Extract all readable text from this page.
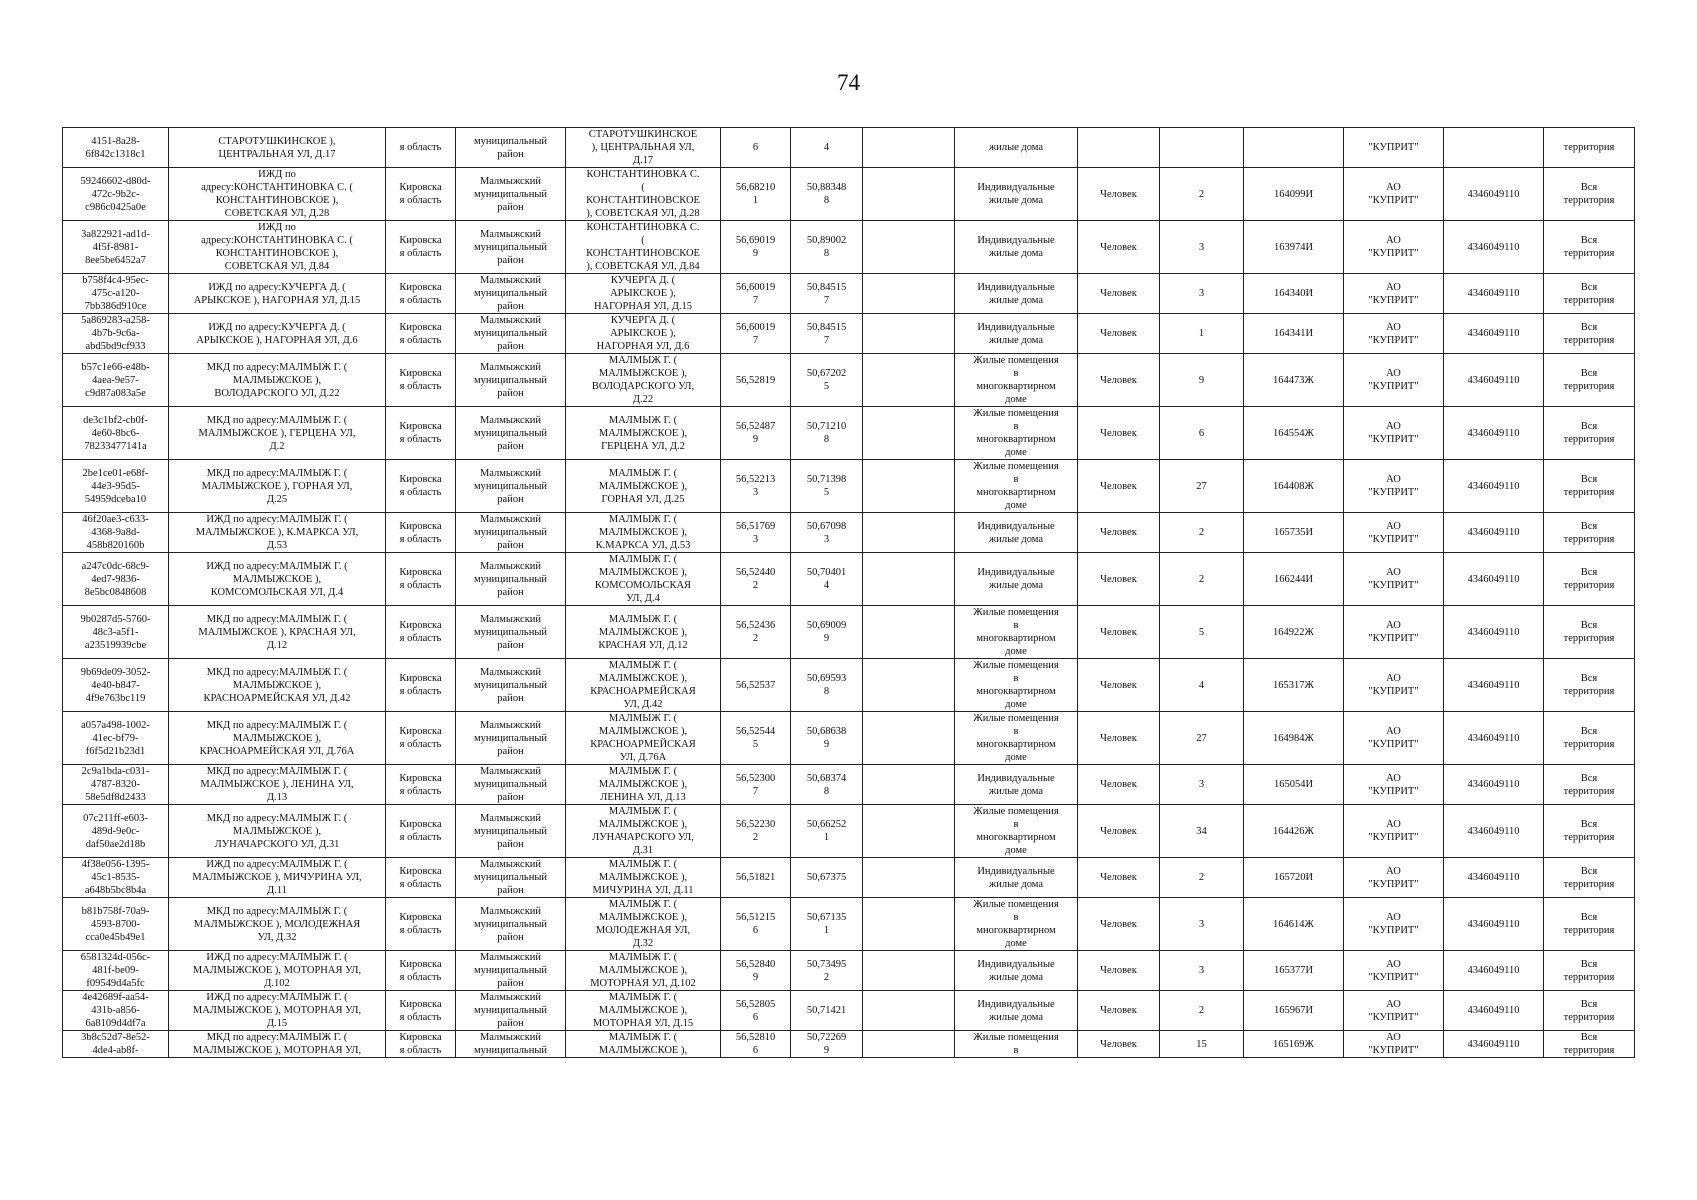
74
4151-8a28-
6f842c1318c1	СТАРОТУШКИНСКОЕ ),
ЦЕНТРАЛЬНАЯ УЛ, Д.17	я область	муниципальный
район	СТАРОТУШКИНСКОЕ
), ЦЕНТРАЛЬНАЯ УЛ,
Д.17	6	4		жилые дома				"КУПРИТ"		территория
59246602-d80d-
472c-9b2c-
c986c0425a0e	ИЖД по
адресу:КОНСТАНТИНОВКА С. (
КОНСТАНТИНОВСКОЕ ),
СОВЕТСКАЯ УЛ, Д.28	Кировска
я область	Малмыжский
муниципальный
район	КОНСТАНТИНОВКА С.
(
КОНСТАНТИНОВСКОЕ
), СОВЕТСКАЯ УЛ, Д.28	56,68210
1	50,88348
8		Индивидуальные
жилые дома	Человек	2	164099И	АО
"КУПРИТ"	4346049110	Вся
территория
3a822921-ad1d-
4f5f-8981-
8ee5be6452a7	ИЖД по
адресу:КОНСТАНТИНОВКА С. (
КОНСТАНТИНОВСКОЕ ),
СОВЕТСКАЯ УЛ, Д.84	Кировска
я область	Малмыжский
муниципальный
район	КОНСТАНТИНОВКА С.
(
КОНСТАНТИНОВСКОЕ
), СОВЕТСКАЯ УЛ, Д.84	56,69019
9	50,89002
8		Индивидуальные
жилые дома	Человек	3	163974И	АО
"КУПРИТ"	4346049110	Вся
территория
b758f4c4-95ec-
475c-a120-
7bb386d910ce	ИЖД по адресу:КУЧЕРГА Д. (
АРЫКСКОЕ ), НАГОРНАЯ УЛ, Д.15	Кировска
я область	Малмыжский
муниципальный
район	КУЧЕРГА Д. (
АРЫКСКОЕ ),
НАГОРНАЯ УЛ, Д.15	56,60019
7	50,84515
7		Индивидуальные
жилые дома	Человек	3	164340И	АО
"КУПРИТ"	4346049110	Вся
территория
5a869283-a258-
4b7b-9c6a-
abd5bd9cf933	ИЖД по адресу:КУЧЕРГА Д. (
АРЫКСКОЕ ), НАГОРНАЯ УЛ, Д.6	Кировска
я область	Малмыжский
муниципальный
район	КУЧЕРГА Д. (
АРЫКСКОЕ ),
НАГОРНАЯ УЛ, Д.6	56,60019
7	50,84515
7		Индивидуальные
жилые дома	Человек	1	164341И	АО
"КУПРИТ"	4346049110	Вся
территория
b57c1e66-e48b-
4aea-9e57-
c9d87a083a5e	МКД по адресу:МАЛМЫЖ Г. (
МАЛМЫЖСКОЕ ),
ВОЛОДАРСКОГО УЛ, Д.22	Кировска
я область	Малмыжский
муниципальный
район	МАЛМЫЖ Г. (
МАЛМЫЖСКОЕ ),
ВОЛОДАРСКОГО УЛ,
Д.22	56,52819	50,67202
5		Жилые помещения
в
многоквартирном
доме	Человек	9	164473Ж	АО
"КУПРИТ"	4346049110	Вся
территория
de3c1bf2-cb0f-
4e60-8bc6-
78233477141a	МКД по адресу:МАЛМЫЖ Г. (
МАЛМЫЖСКОЕ ), ГЕРЦЕНА УЛ,
Д.2	Кировска
я область	Малмыжский
муниципальный
район	МАЛМЫЖ Г. (
МАЛМЫЖСКОЕ ),
ГЕРЦЕНА УЛ, Д.2	56,52487
9	50,71210
8		Жилые помещения
в
многоквартирном
доме	Человек	6	164554Ж	АО
"КУПРИТ"	4346049110	Вся
территория
2be1ce01-e68f-
44e3-95d5-
54959dceba10	МКД по адресу:МАЛМЫЖ Г. (
МАЛМЫЖСКОЕ ), ГОРНАЯ УЛ,
Д.25	Кировска
я область	Малмыжский
муниципальный
район	МАЛМЫЖ Г. (
МАЛМЫЖСКОЕ ),
ГОРНАЯ УЛ, Д.25	56,52213
3	50,71398
5		Жилые помещения
в
многоквартирном
доме	Человек	27	164408Ж	АО
"КУПРИТ"	4346049110	Вся
территория
46f20ae3-c633-
4368-9a8d-
458b820160b	ИЖД по адресу:МАЛМЫЖ Г. (
МАЛМЫЖСКОЕ ), К.МАРКСА УЛ,
Д.53	Кировска
я область	Малмыжский
муниципальный
район	МАЛМЫЖ Г. (
МАЛМЫЖСКОЕ ),
К.МАРКСА УЛ, Д.53	56,51769
3	50,67098
3		Индивидуальные
жилые дома	Человек	2	165735И	АО
"КУПРИТ"	4346049110	Вся
территория
a247c0dc-68c9-
4ed7-9836-
8e5bc0848608	ИЖД по адресу:МАЛМЫЖ Г. (
МАЛМЫЖСКОЕ ),
КОМСОМОЛЬСКАЯ УЛ, Д.4	Кировска
я область	Малмыжский
муниципальный
район	МАЛМЫЖ Г. (
МАЛМЫЖСКОЕ ),
КОМСОМОЛЬСКАЯ
УЛ, Д.4	56,52440
2	50,70401
4		Индивидуальные
жилые дома	Человек	2	166244И	АО
"КУПРИТ"	4346049110	Вся
территория
9b0287d5-5760-
48c3-a5f1-
a23519939cbe	МКД по адресу:МАЛМЫЖ Г. (
МАЛМЫЖСКОЕ ), КРАСНАЯ УЛ,
Д.12	Кировска
я область	Малмыжский
муниципальный
район	МАЛМЫЖ Г. (
МАЛМЫЖСКОЕ ),
КРАСНАЯ УЛ, Д.12	56,52436
2	50,69009
9		Жилые помещения
в
многоквартирном
доме	Человек	5	164922Ж	АО
"КУПРИТ"	4346049110	Вся
территория
9b69de09-3052-
4e40-b847-
4f9e763bc119	МКД по адресу:МАЛМЫЖ Г. (
МАЛМЫЖСКОЕ ),
КРАСНОАРМЕЙСКАЯ УЛ, Д.42	Кировска
я область	Малмыжский
муниципальный
район	МАЛМЫЖ Г. (
МАЛМЫЖСКОЕ ),
КРАСНОАРМЕЙСКАЯ
УЛ, Д.42	56,52537	50,69593
8		Жилые помещения
в
многоквартирном
доме	Человек	4	165317Ж	АО
"КУПРИТ"	4346049110	Вся
территория
a057a498-1002-
41ec-bf79-
f6f5d21b23d1	МКД по адресу:МАЛМЫЖ Г. (
МАЛМЫЖСКОЕ ),
КРАСНОАРМЕЙСКАЯ УЛ, Д.76А	Кировска
я область	Малмыжский
муниципальный
район	МАЛМЫЖ Г. (
МАЛМЫЖСКОЕ ),
КРАСНОАРМЕЙСКАЯ
УЛ, Д.76А	56,52544
5	50,68638
9		Жилые помещения
в
многоквартирном
доме	Человек	27	164984Ж	АО
"КУПРИТ"	4346049110	Вся
территория
2c9a1bda-c031-
4787-8320-
58e5df8d2433	МКД по адресу:МАЛМЫЖ Г. (
МАЛМЫЖСКОЕ ), ЛЕНИНА УЛ,
Д.13	Кировска
я область	Малмыжский
муниципальный
район	МАЛМЫЖ Г. (
МАЛМЫЖСКОЕ ),
ЛЕНИНА УЛ, Д.13	56,52300
7	50,68374
8		Индивидуальные
жилые дома	Человек	3	165054И	АО
"КУПРИТ"	4346049110	Вся
территория
07c211ff-e603-
489d-9e0c-
daf50ae2d18b	МКД по адресу:МАЛМЫЖ Г. (
МАЛМЫЖСКОЕ ),
ЛУНАЧАРСКОГО УЛ, Д.31	Кировска
я область	Малмыжский
муниципальный
район	МАЛМЫЖ Г. (
МАЛМЫЖСКОЕ ),
ЛУНАЧАРСКОГО УЛ,
Д.31	56,52230
2	50,66252
1		Жилые помещения
в
многоквартирном
доме	Человек	34	164426Ж	АО
"КУПРИТ"	4346049110	Вся
территория
4f38e056-1395-
45c1-8535-
a648b5bc8b4a	ИЖД по адресу:МАЛМЫЖ Г. (
МАЛМЫЖСКОЕ ), МИЧУРИНА УЛ,
Д.11	Кировска
я область	Малмыжский
муниципальный
район	МАЛМЫЖ Г. (
МАЛМЫЖСКОЕ ),
МИЧУРИНА УЛ, Д.11	56,51821	50,67375		Индивидуальные
жилые дома	Человек	2	165720И	АО
"КУПРИТ"	4346049110	Вся
территория
b81b758f-70a9-
4593-8700-
cca0e45b49e1	МКД по адресу:МАЛМЫЖ Г. (
МАЛМЫЖСКОЕ ), МОЛОДЕЖНАЯ
УЛ, Д.32	Кировска
я область	Малмыжский
муниципальный
район	МАЛМЫЖ Г. (
МАЛМЫЖСКОЕ ),
МОЛОДЕЖНАЯ УЛ,
Д.32	56,51215
6	50,67135
1		Жилые помещения
в
многоквартирном
доме	Человек	3	164614Ж	АО
"КУПРИТ"	4346049110	Вся
территория
6581324d-056c-
481f-be09-
f09549d4a5fc	ИЖД по адресу:МАЛМЫЖ Г. (
МАЛМЫЖСКОЕ ), МОТОРНАЯ УЛ,
Д.102	Кировска
я область	Малмыжский
муниципальный
район	МАЛМЫЖ Г. (
МАЛМЫЖСКОЕ ),
МОТОРНАЯ УЛ, Д.102	56,52840
9	50,73495
2		Индивидуальные
жилые дома	Человек	3	165377И	АО
"КУПРИТ"	4346049110	Вся
территория
4e42689f-aa54-
431b-a856-
6a8109d4df7a	ИЖД по адресу:МАЛМЫЖ Г. (
МАЛМЫЖСКОЕ ), МОТОРНАЯ УЛ,
Д.15	Кировска
я область	Малмыжский
муниципальный
район	МАЛМЫЖ Г. (
МАЛМЫЖСКОЕ ),
МОТОРНАЯ УЛ, Д.15	56,52805
6	50,71421		Индивидуальные
жилые дома	Человек	2	165967И	АО
"КУПРИТ"	4346049110	Вся
территория
3b8c52d7-8e52-
4de4-ab8f-	МКД по адресу:МАЛМЫЖ Г. (
МАЛМЫЖСКОЕ ), МОТОРНАЯ УЛ,	Кировска
я область	Малмыжский
муниципальный	МАЛМЫЖ Г. (
МАЛМЫЖСКОЕ ),	56,52810
6	50,72269
9		Жилые помещения
в	Человек	15	165169Ж	АО
"КУПРИТ"	4346049110	Вся
территория
